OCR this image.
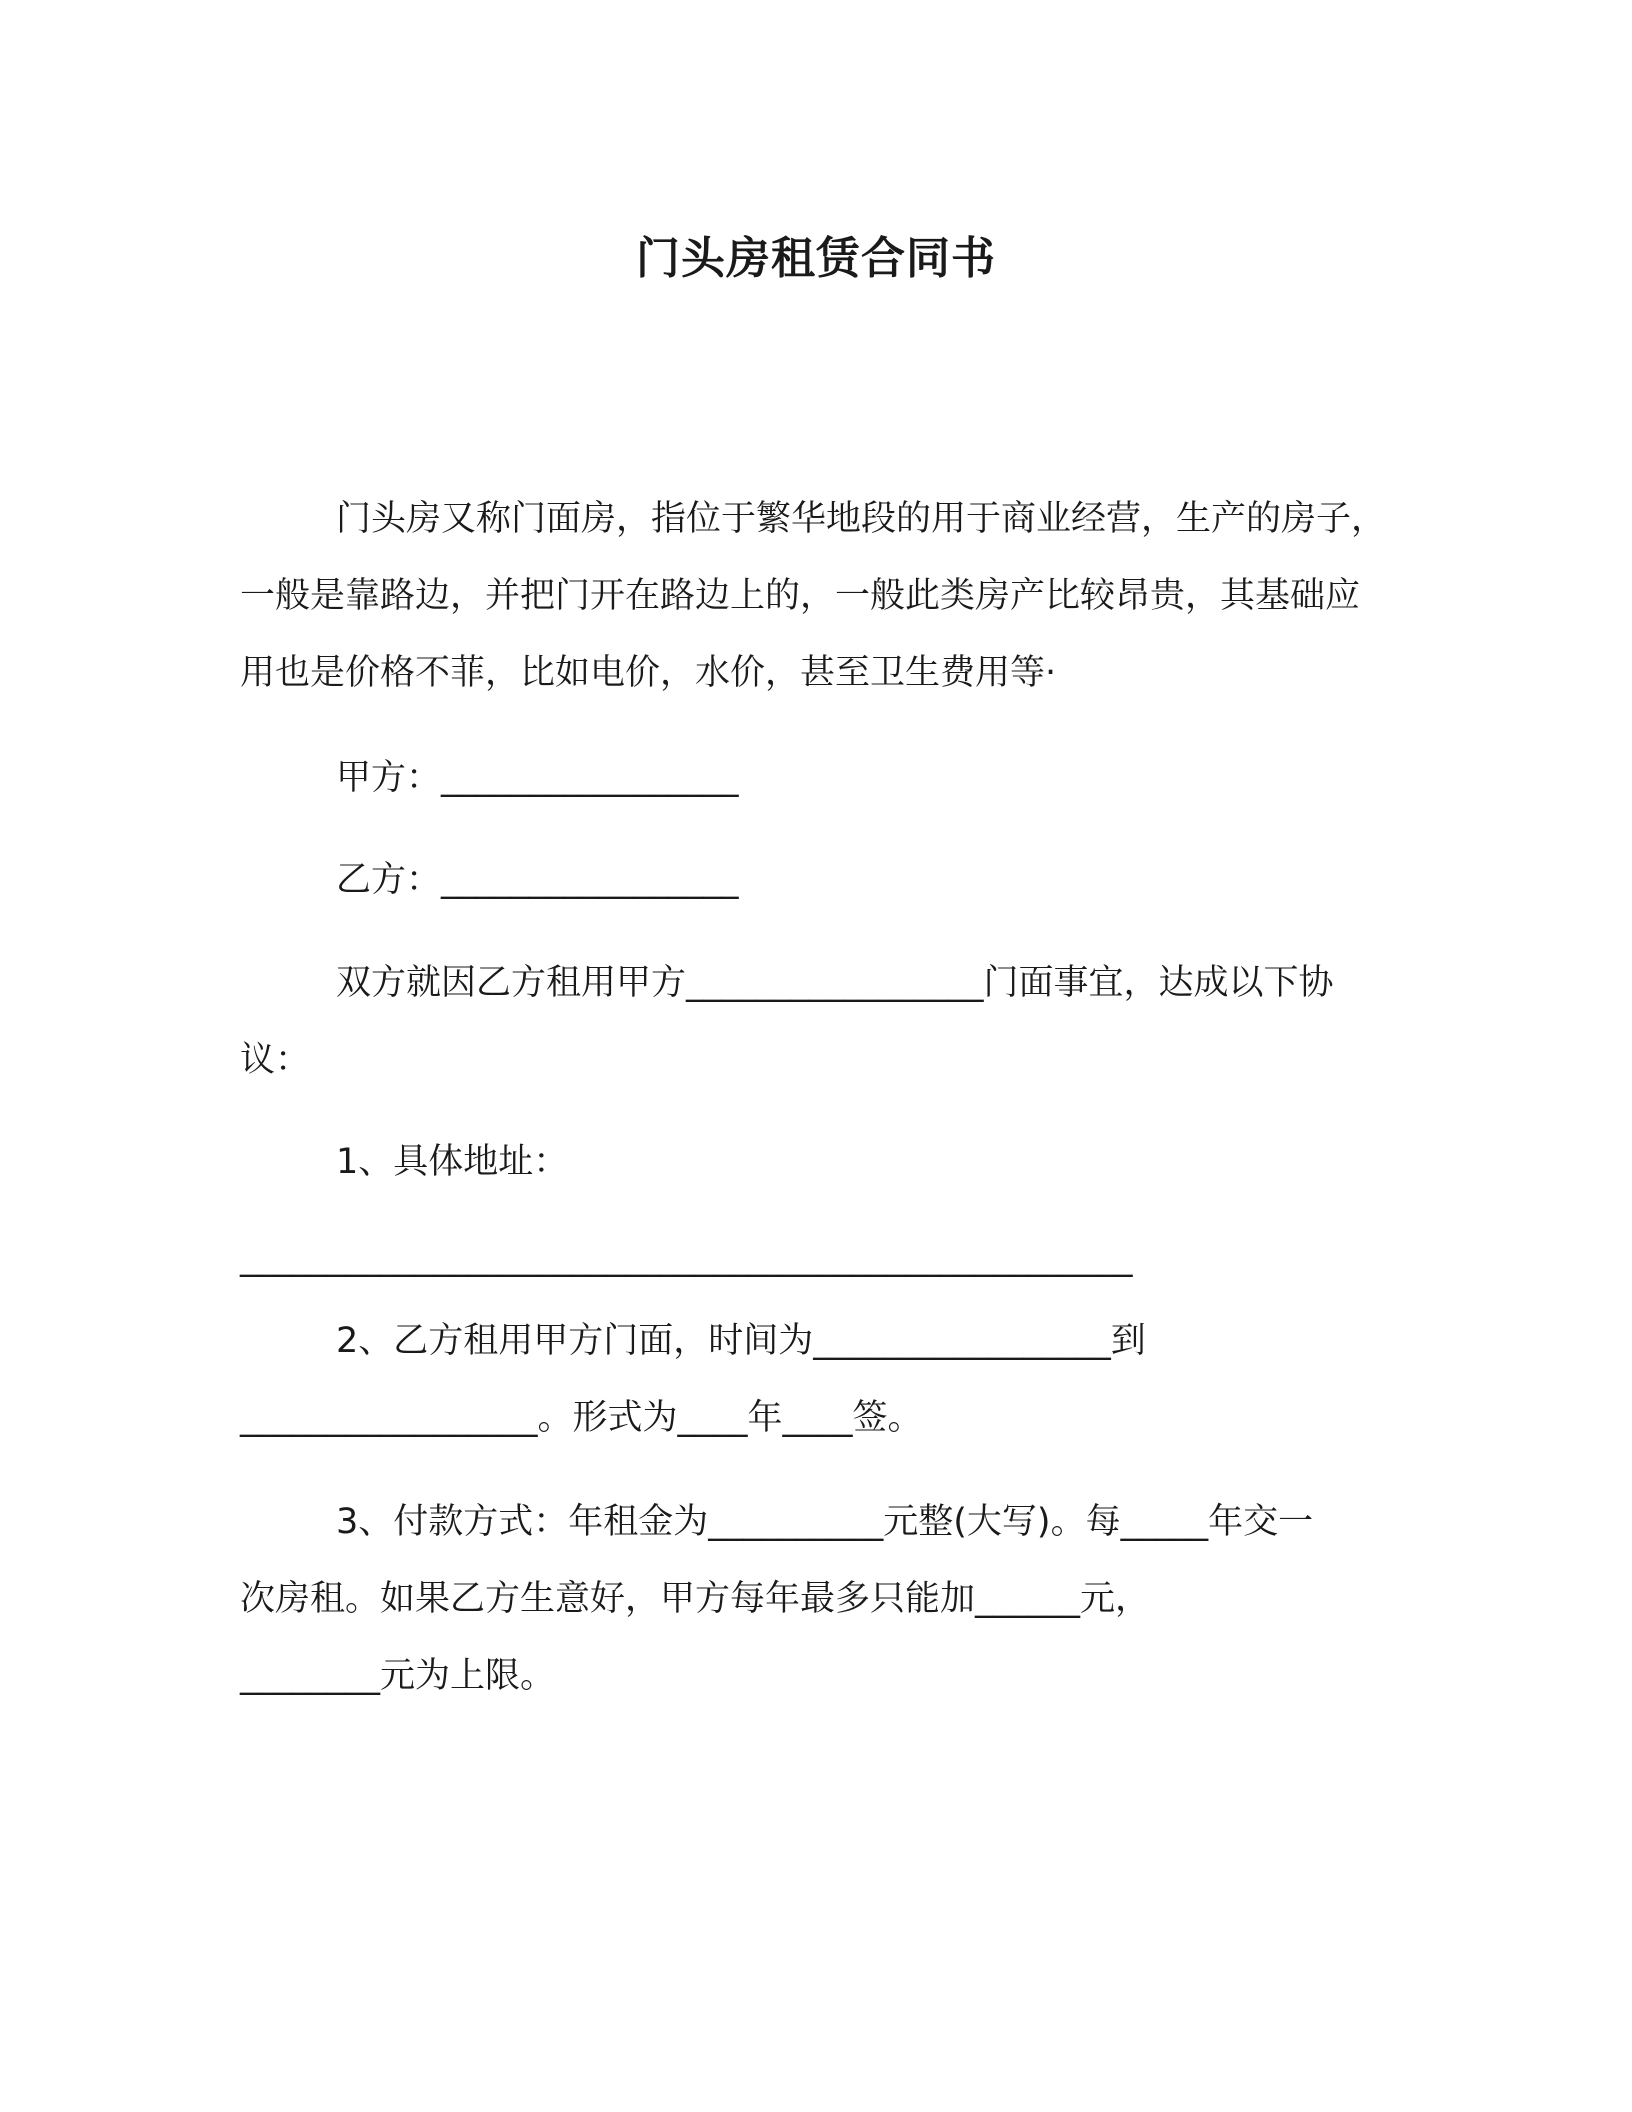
门头房租赁合同书

门头房又称门面房，指位于繁华地段的用于商业经营，生产的房子，一般是靠路边，并把门开在路边上的，一般此类房产比较昂贵，其基础应用也是价格不菲，比如电价，水价，甚至卫生费用等·

甲方：_________________

乙方：_________________

双方就因乙方租用甲方_________________门面事宜，达成以下协议：

1、具体地址：

___________________________________________________

2、乙方租用甲方门面，时间为_________________到

_________________。形式为____年____签。

3、付款方式：年租金为__________元整(大写)。每_____年交一

次房租。如果乙方生意好，甲方每年最多只能加______元，

________元为上限。
